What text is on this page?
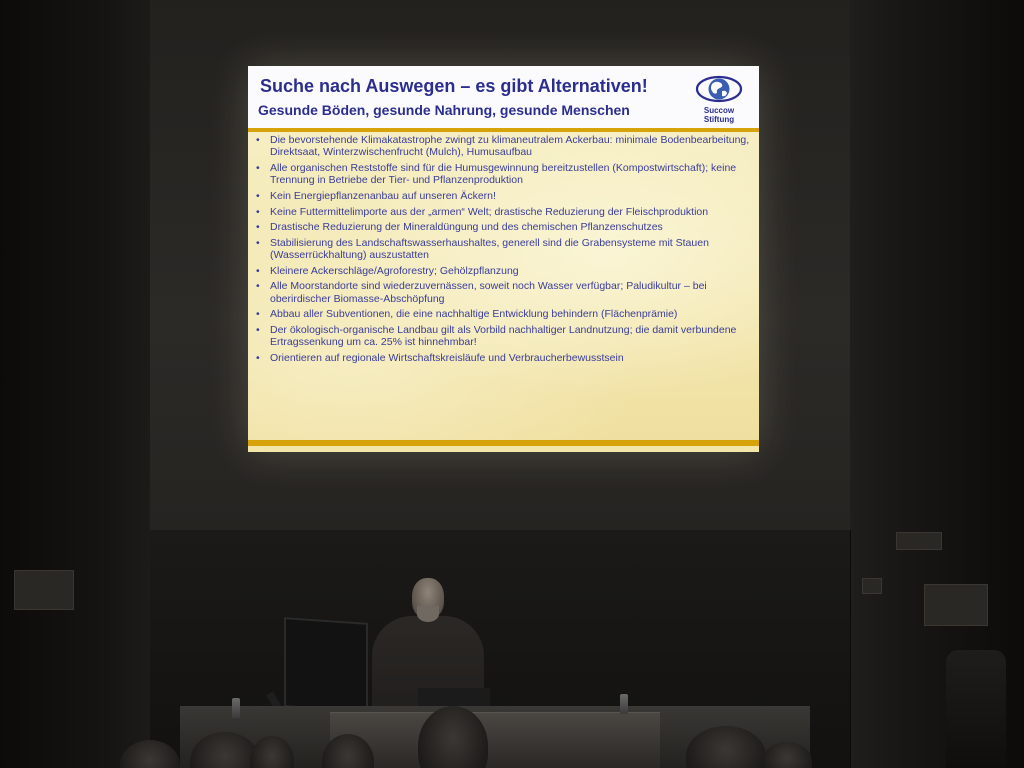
Suche nach Auswegen – es gibt Alternativen!
Gesunde Böden, gesunde Nahrung, gesunde Menschen	Succow
Stiftung
• Die bevorstehende Klimakatastrophe zwingt zu klimaneutralem Ackerbau: minimale Bodenbearbeitung, Direktsaat, Winterzwischenfrucht (Mulch), Humusaufbau
• Alle organischen Reststoffe sind für die Humusgewinnung bereitzustellen (Kompostwirtschaft); keine Trennung in Betriebe der Tier- und Pflanzenproduktion
• Kein Energiepflanzenanbau auf unseren Äckern!
• Keine Futtermittelimporte aus der „armen“ Welt; drastische Reduzierung der Fleischproduktion
• Drastische Reduzierung der Mineraldüngung und des chemischen Pflanzenschutzes
• Stabilisierung des Landschaftswasserhaushaltes, generell sind die Grabensysteme mit Stauen (Wasserrückhaltung) auszustatten
• Kleinere Ackerschläge/Agroforestry; Gehölzpflanzung
• Alle Moorstandorte sind wiederzuvernässen, soweit noch Wasser verfügbar; Paludikultur – bei oberirdischer Biomasse-Abschöpfung
• Abbau aller Subventionen, die eine nachhaltige Entwicklung behindern (Flächenprämie)
• Der ökologisch-organische Landbau gilt als Vorbild nachhaltiger Landnutzung; die damit verbundene Ertragssenkung um ca. 25% ist hinnehmbar!
• Orientieren auf regionale Wirtschaftskreisläufe und Verbraucherbewusstsein
